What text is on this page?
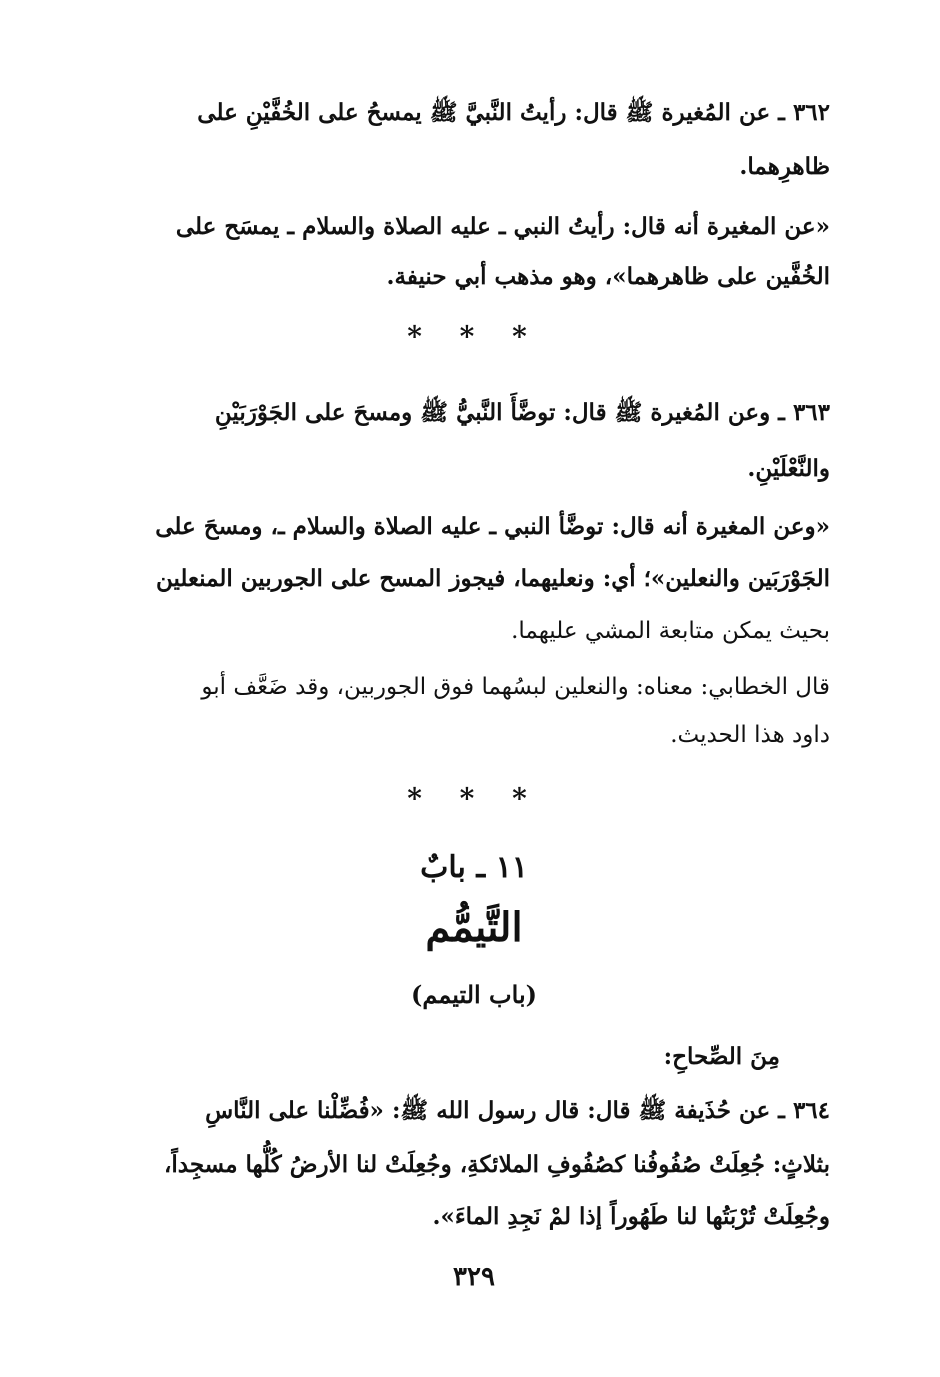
٣٦٢ ـ عن المُغيرة ﷺ قال: رأيتُ النَّبيَّ ﷺ يمسحُ على الخُفَّيْنِ على
ظاهرِهما.
«عن المغيرة أنه قال: رأيتُ النبي ـ عليه الصلاة والسلام ـ يمسَح على
الخُفَّين على ظاهرهما»، وهو مذهب أبي حنيفة.
* * *
٣٦٣ ـ وعن المُغيرة ﷺ قال: توضَّأَ النَّبيُّ ﷺ ومسحَ على الجَوْرَبَيْنِ
والنَّعْلَيْنِ.
«وعن المغيرة أنه قال: توضَّأ النبي ـ عليه الصلاة والسلام ـ، ومسحَ على
الجَوْرَبَين والنعلين»؛ أي: ونعليهما، فيجوز المسح على الجوربين المنعلين
بحيث يمكن متابعة المشي عليهما.
قال الخطابي: معناه: والنعلين لبسُهما فوق الجوربين، وقد ضَعَّف أبو
داود هذا الحديث.
* * *
١١ ـ بابٌ
التَّيمُّم
(باب التيمم)
مِنَ الصِّحاحِ:
٣٦٤ ـ عن حُذَيفة ﷺ قال: قال رسول الله ﷺ: «فُضِّلْنا على النَّاسِ
بثلاثٍ: جُعِلَتْ صُفُوفُنا كصُفُوفِ الملائكةِ، وجُعِلَتْ لنا الأرضُ كُلُّها مسجِداً،
وجُعِلَتْ تُرْبَتُها لنا طَهُوراً إذا لمْ نَجِدِ الماءَ».
٣٢٩
